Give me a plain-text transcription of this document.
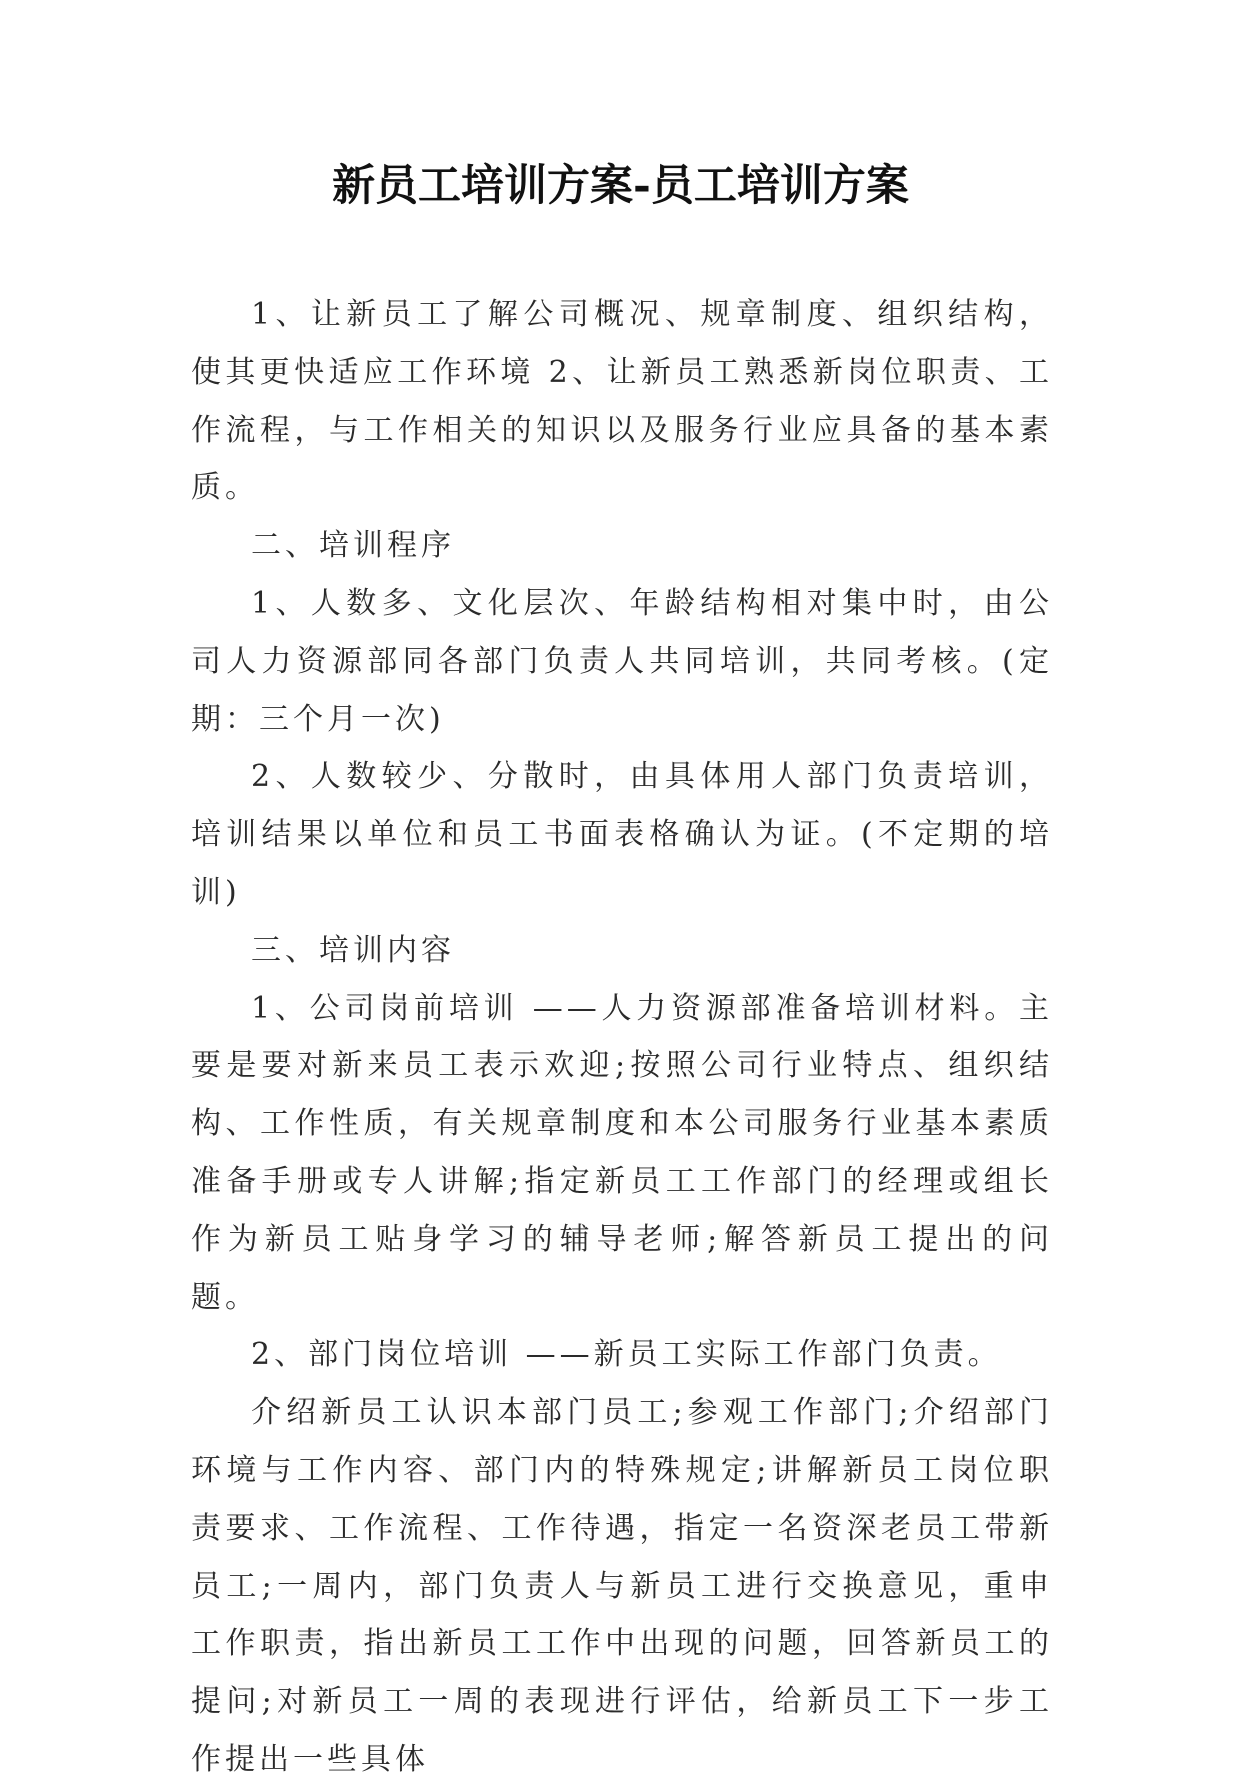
新员工培训方案-员工培训方案

1、让新员工了解公司概况、规章制度、组织结构，使其更快适应工作环境 2、让新员工熟悉新岗位职责、工作流程，与工作相关的知识以及服务行业应具备的基本素质。

二、培训程序

1、人数多、文化层次、年龄结构相对集中时，由公司人力资源部同各部门负责人共同培训，共同考核。(定期：三个月一次)

2、人数较少、分散时，由具体用人部门负责培训，培训结果以单位和员工书面表格确认为证。(不定期的培训)

三、培训内容

1、公司岗前培训 ——人力资源部准备培训材料。主要是要对新来员工表示欢迎;按照公司行业特点、组织结构、工作性质，有关规章制度和本公司服务行业基本素质准备手册或专人讲解;指定新员工工作部门的经理或组长作为新员工贴身学习的辅导老师;解答新员工提出的问题。

2、部门岗位培训 ——新员工实际工作部门负责。

介绍新员工认识本部门员工;参观工作部门;介绍部门环境与工作内容、部门内的特殊规定;讲解新员工岗位职责要求、工作流程、工作待遇，指定一名资深老员工带新员工;一周内，部门负责人与新员工进行交换意见，重申工作职责，指出新员工工作中出现的问题，回答新员工的提问;对新员工一周的表现进行评估，给新员工下一步工作提出一些具体
